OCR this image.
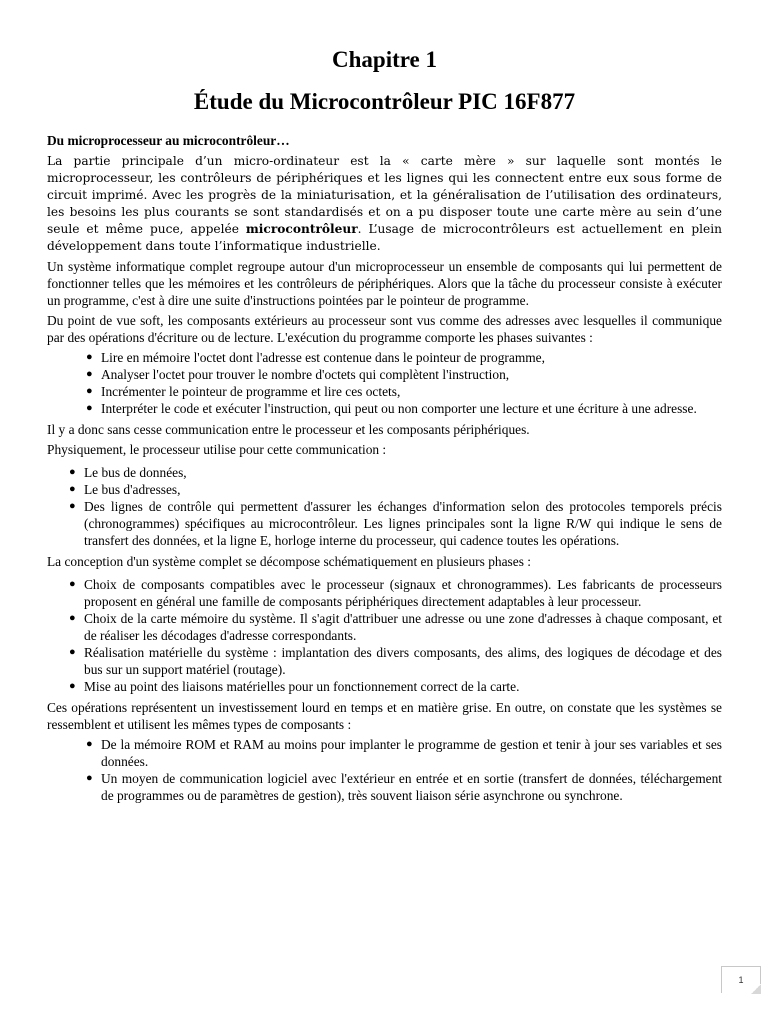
Chapitre 1
Étude du Microcontrôleur PIC 16F877
Du microprocesseur au microcontrôleur…

La partie principale d’un micro-ordinateur est la « carte mère » sur laquelle sont montés le microprocesseur, les contrôleurs de périphériques et les lignes qui les connectent entre eux sous forme de circuit imprimé. Avec les progrès de la miniaturisation, et la généralisation de l’utilisation des ordinateurs, les besoins les plus courants se sont standardisés et on a pu disposer toute une carte mère au sein d’une seule et même puce, appelée microcontrôleur. L’usage de microcontrôleurs est actuellement en plein développement dans toute l’informatique industrielle.

Un système informatique complet regroupe autour d'un microprocesseur un ensemble de composants qui lui permettent de fonctionner telles que les mémoires et les contrôleurs de périphériques. Alors que la tâche du processeur consiste à exécuter un programme, c'est à dire une suite d'instructions pointées par le pointeur de programme.

Du point de vue soft, les composants extérieurs au processeur sont vus comme des adresses avec lesquelles il communique par des opérations d'écriture ou de lecture. L'exécution du programme comporte les phases suivantes :

● Lire en mémoire l'octet dont l'adresse est contenue dans le pointeur de programme,
● Analyser l'octet pour trouver le nombre d'octets qui complètent l'instruction,
● Incrémenter le pointeur de programme et lire ces octets,
● Interpréter le code et exécuter l'instruction, qui peut ou non comporter une lecture et une écriture à une adresse.

Il y a donc sans cesse communication entre le processeur et les composants périphériques.

Physiquement, le processeur utilise pour cette communication :

● Le bus de données,
● Le bus d'adresses,
● Des lignes de contrôle qui permettent d'assurer les échanges d'information selon des protocoles temporels précis (chronogrammes) spécifiques au microcontrôleur. Les lignes principales sont la ligne R/W qui indique le sens de transfert des données, et la ligne E, horloge interne du processeur, qui cadence toutes les opérations.

La conception d'un système complet se décompose schématiquement en plusieurs phases :

● Choix de composants compatibles avec le processeur (signaux et chronogrammes). Les fabricants de processeurs proposent en général une famille de composants périphériques directement adaptables à leur processeur.
● Choix de la carte mémoire du système. Il s'agit d'attribuer une adresse ou une zone d'adresses à chaque composant, et de réaliser les décodages d'adresse correspondants.
● Réalisation matérielle du système : implantation des divers composants, des alims, des logiques de décodage et des bus sur un support matériel (routage).
● Mise au point des liaisons matérielles pour un fonctionnement correct de la carte.

Ces opérations représentent un investissement lourd en temps et en matière grise. En outre, on constate que les systèmes se ressemblent et utilisent les mêmes types de composants :

● De la mémoire ROM et RAM au moins pour implanter le programme de gestion et tenir à jour ses variables et ses données.
● Un moyen de communication logiciel avec l'extérieur en entrée et en sortie (transfert de données, téléchargement de programmes ou de paramètres de gestion), très souvent liaison série asynchrone ou synchrone.
1
